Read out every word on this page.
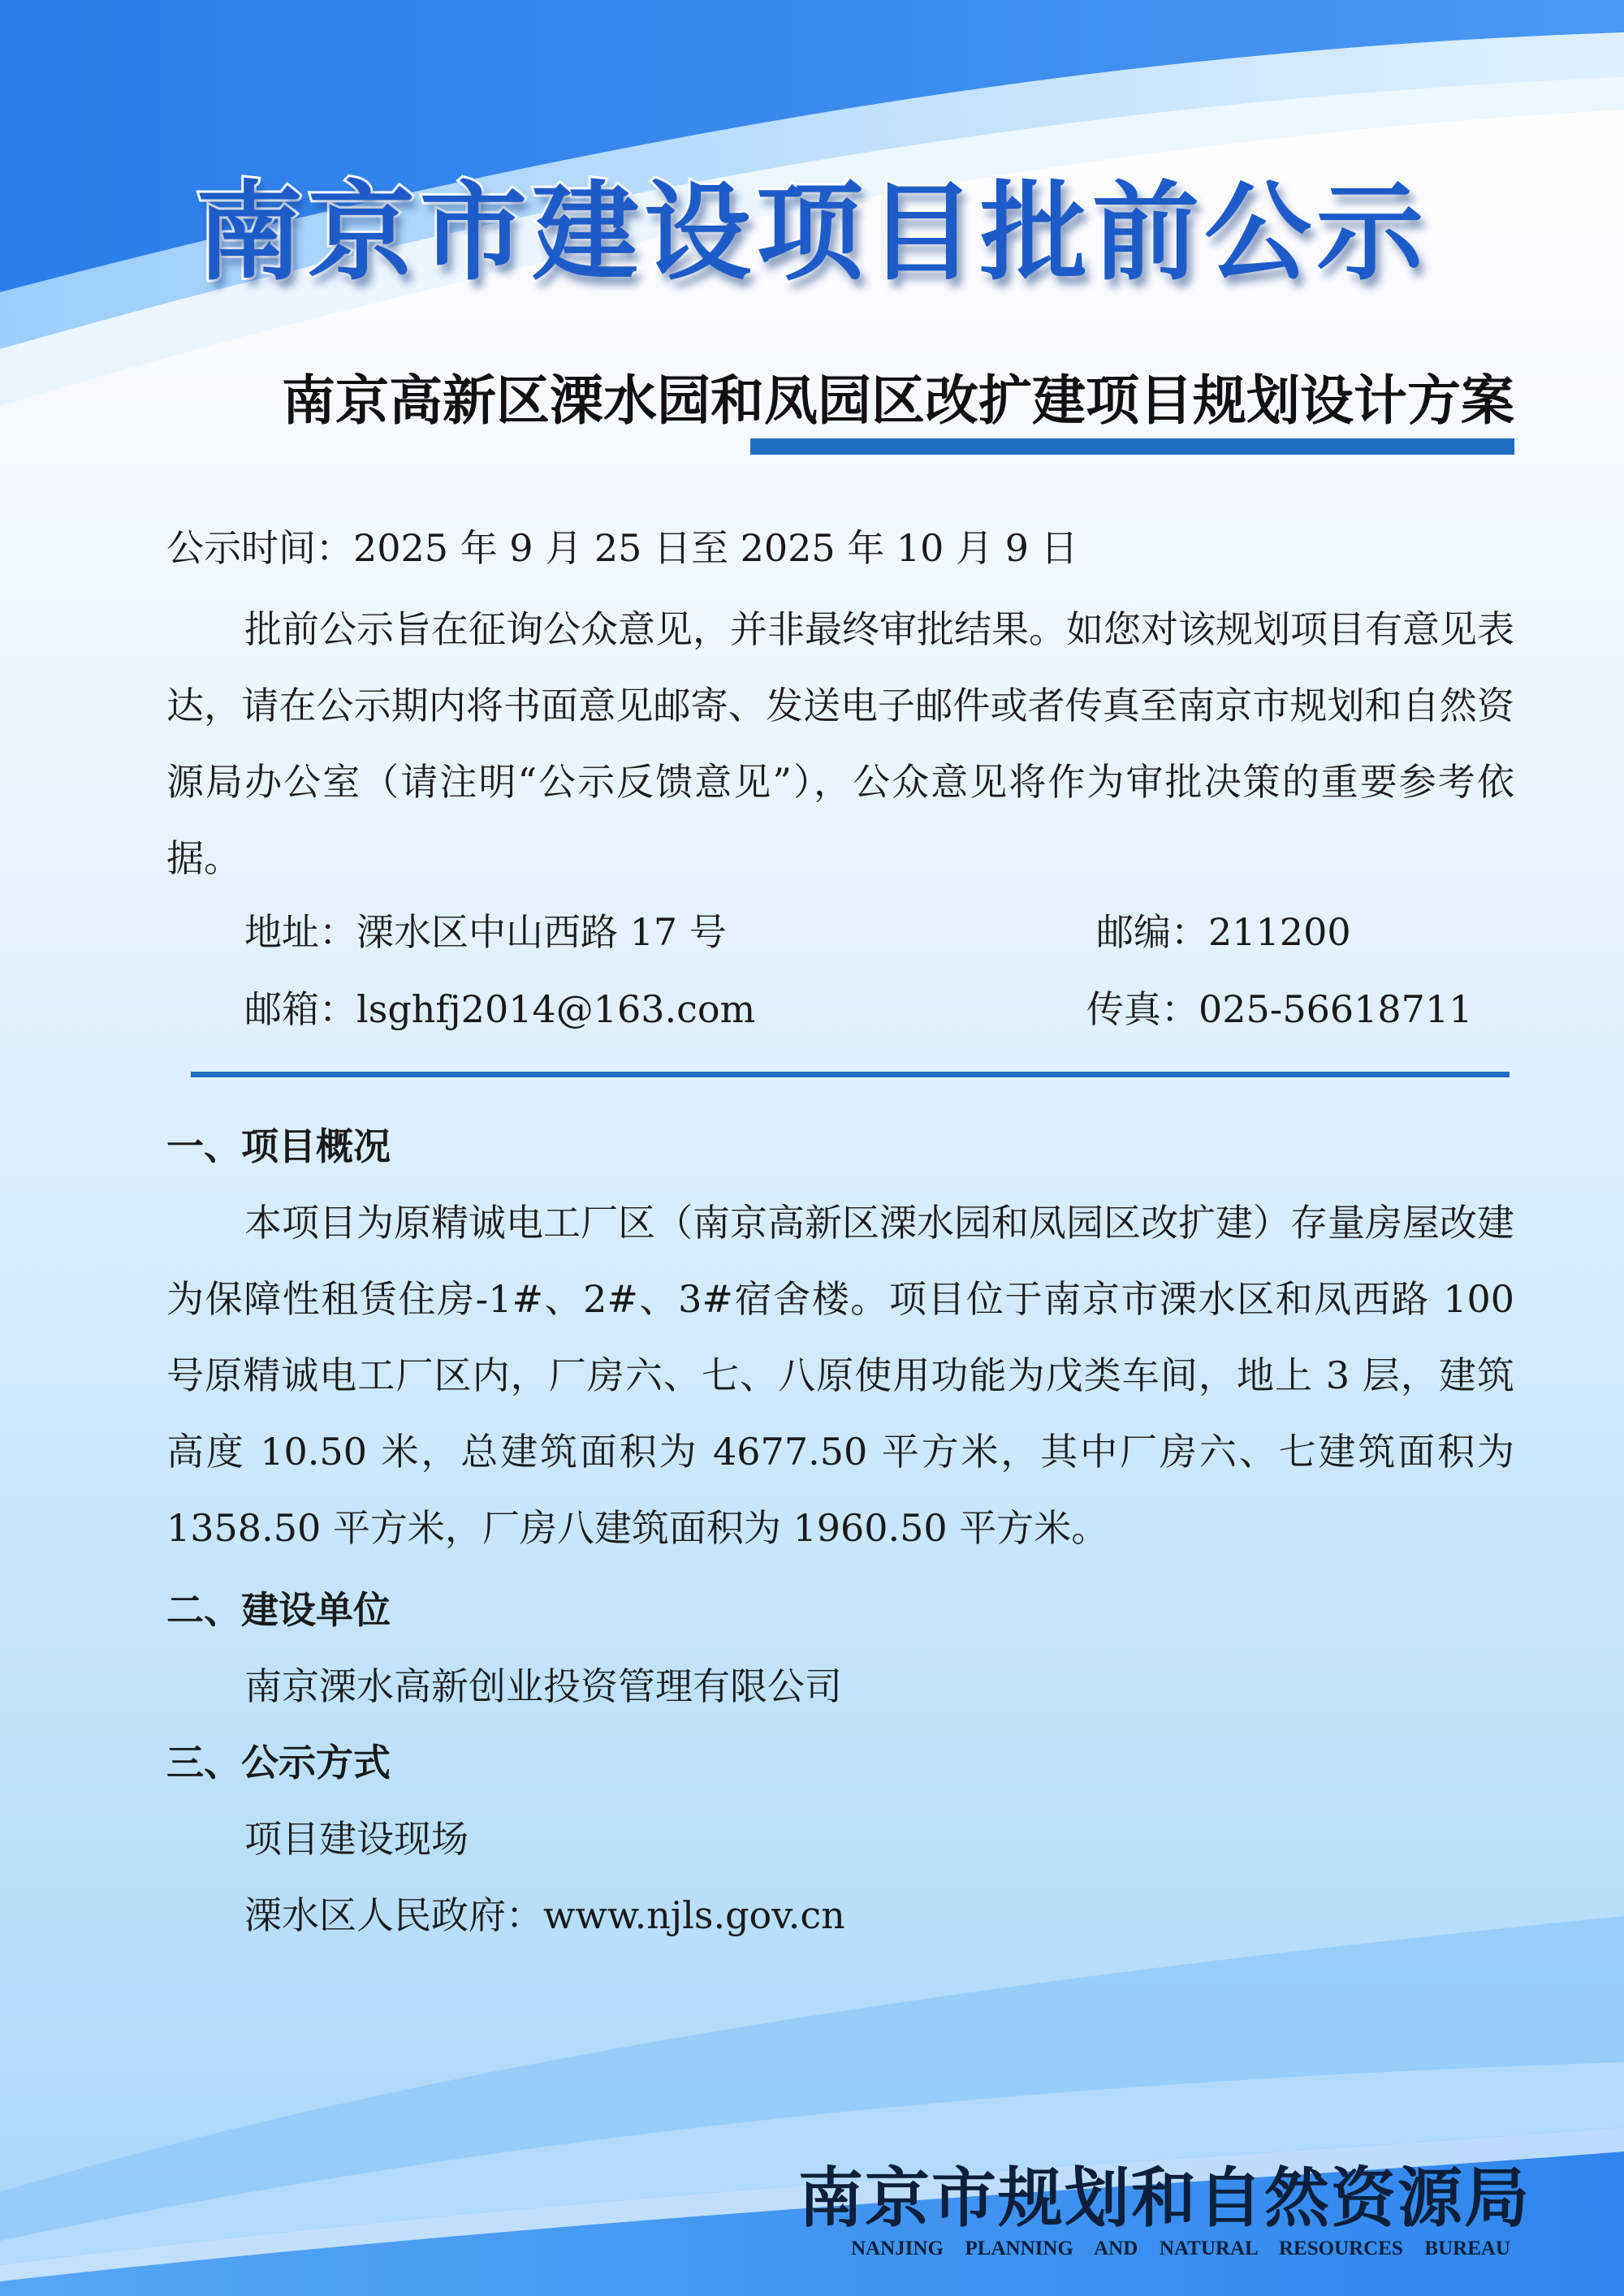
南京市建设项目批前公示
南京高新区溧水园和凤园区改扩建项目规划设计方案
公示时间：2025 年 9 月 25 日至 2025 年 10 月 9 日
批前公示旨在征询公众意见，并非最终审批结果。如您对该规划项目有意见表达，请在公示期内将书面意见邮寄、发送电子邮件或者传真至南京市规划和自然资源局办公室（请注明“公示反馈意见”），公众意见将作为审批决策的重要参考依据。
地址：溧水区中山西路 17 号	邮编：211200
邮箱：lsghfj2014@163.com	传真：025-56618711
一、项目概况
本项目为原精诚电工厂区（南京高新区溧水园和凤园区改扩建）存量房屋改建为保障性租赁住房-1#、2#、3#宿舍楼。项目位于南京市溧水区和凤西路 100 号原精诚电工厂区内，厂房六、七、八原使用功能为戊类车间，地上 3 层，建筑高度 10.50 米，总建筑面积为 4677.50 平方米，其中厂房六、七建筑面积为 1358.50 平方米，厂房八建筑面积为 1960.50 平方米。
二、建设单位
南京溧水高新创业投资管理有限公司
三、公示方式
项目建设现场
溧水区人民政府：www.njls.gov.cn
南京市规划和自然资源局
NANJING PLANNING AND NATURAL RESOURCES BUREAU
